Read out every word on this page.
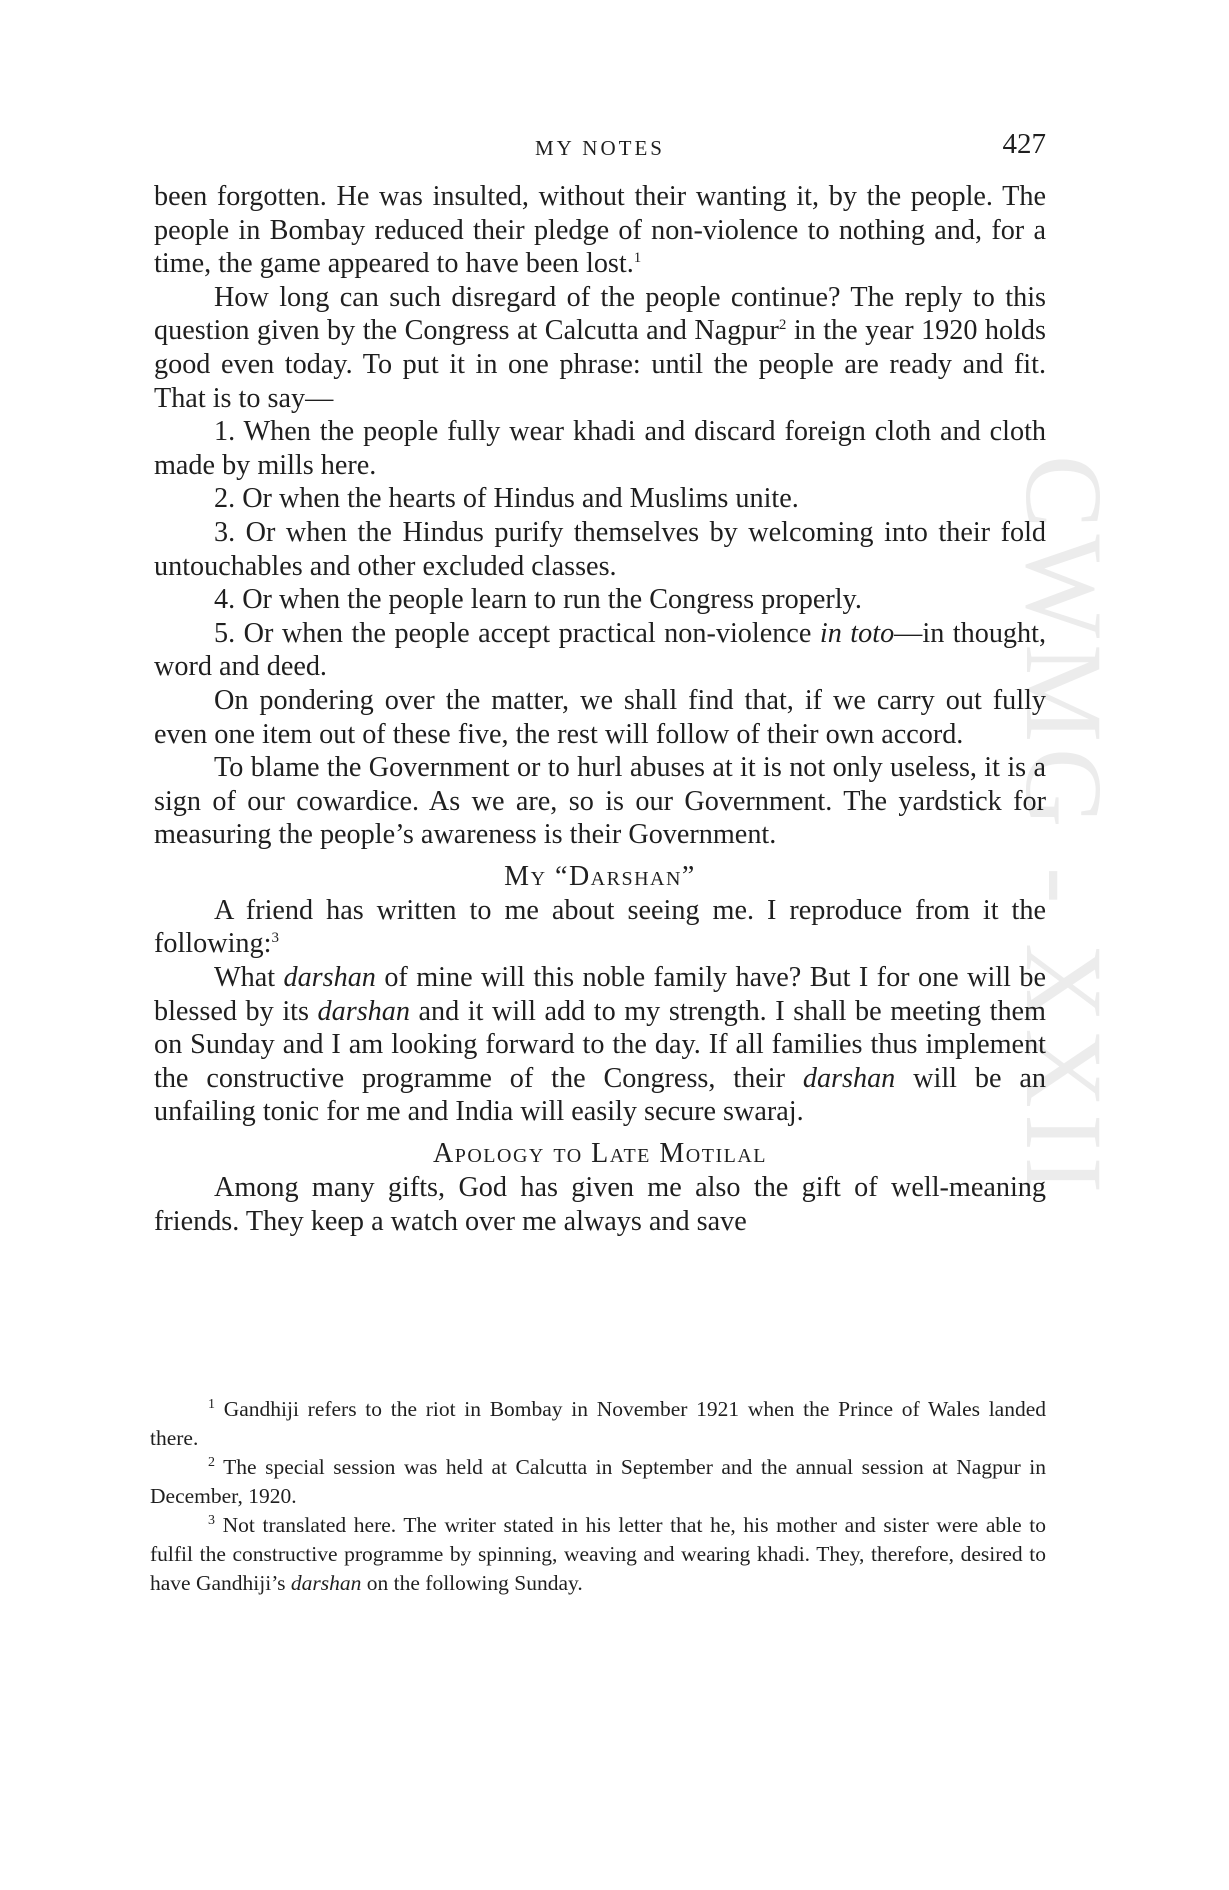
CWMG - XXII
MY NOTES	427

been forgotten. He was insulted, without their wanting it, by the people. The people in Bombay reduced their pledge of non-violence to nothing and, for a time, the game appeared to have been lost.$^1$

How long can such disregard of the people continue? The reply to this question given by the Congress at Calcutta and Nagpur$^2$ in the year 1920 holds good even today. To put it in one phrase: until the people are ready and fit. That is to say—

1. When the people fully wear khadi and discard foreign cloth and cloth made by mills here.

2. Or when the hearts of Hindus and Muslims unite.

3. Or when the Hindus purify themselves by welcoming into their fold untouchables and other excluded classes.

4. Or when the people learn to run the Congress properly.

5. Or when the people accept practical non-violence in toto—in thought, word and deed.

On pondering over the matter, we shall find that, if we carry out fully even one item out of these five, the rest will follow of their own accord.

To blame the Government or to hurl abuses at it is not only useless, it is a sign of our cowardice. As we are, so is our Government. The yardstick for measuring the people’s awareness is their Government.

My “Darshan”

A friend has written to me about seeing me. I reproduce from it the following:$^3$

What darshan of mine will this noble family have? But I for one will be blessed by its darshan and it will add to my strength. I shall be meeting them on Sunday and I am looking forward to the day. If all families thus implement the constructive programme of the Congress, their darshan will be an unfailing tonic for me and India will easily secure swaraj.

Apology to Late Motilal

Among many gifts, God has given me also the gift of well-meaning friends. They keep a watch over me always and save

$^1$ Gandhiji refers to the riot in Bombay in November 1921 when the Prince of Wales landed there.

$^2$ The special session was held at Calcutta in September and the annual session at Nagpur in December, 1920.

$^3$ Not translated here. The writer stated in his letter that he, his mother and sister were able to fulfil the constructive programme by spinning, weaving and wearing khadi. They, therefore, desired to have Gandhiji’s darshan on the following Sunday.
